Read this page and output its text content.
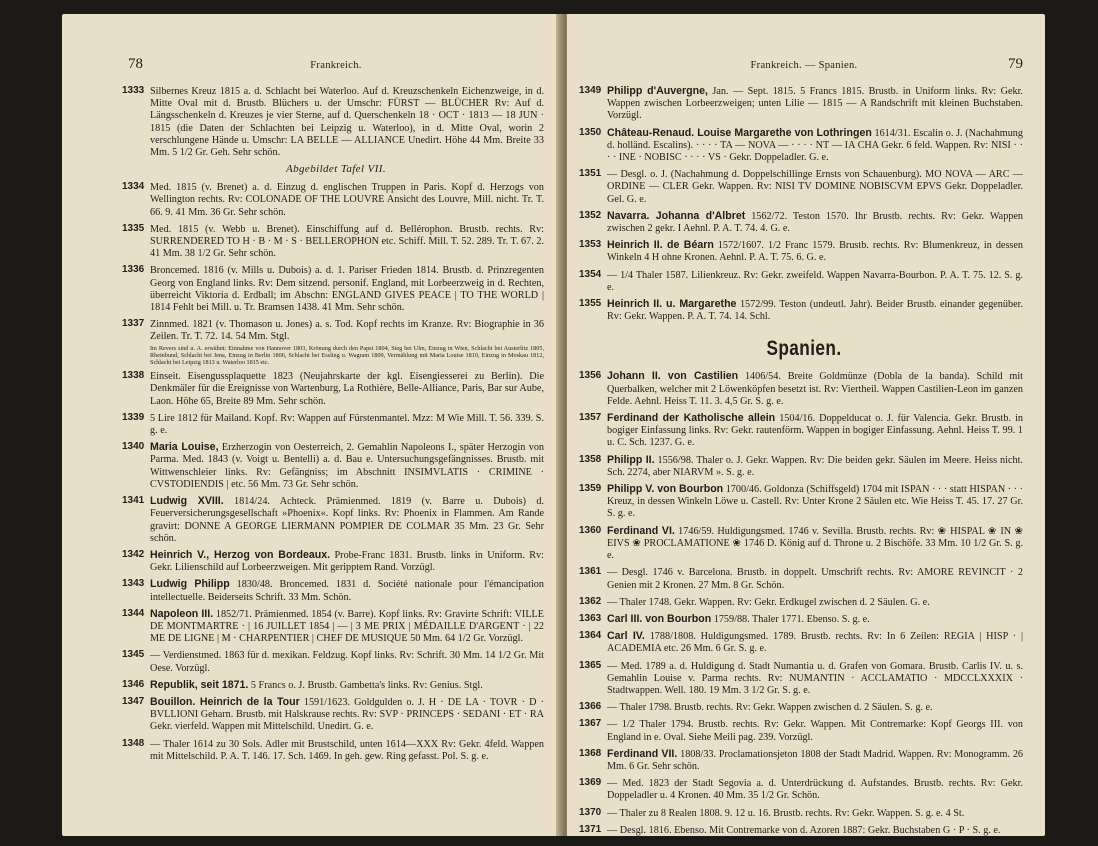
78	Frankreich.
1333 Silbernes Kreuz 1815 a. d. Schlacht bei Waterloo. Auf d. Kreuzschenkeln Eichenzweige, in d. Mitte Oval mit d. Brustb. Blüchers u. der Umschr: FÜRST — BLÜCHER Rv: Auf d. Längsschenkeln d. Kreuzes je vier Sterne, auf d. Querschenkeln 18 · OCT · 1813 — 18 JUN · 1815 (die Daten der Schlachten bei Leipzig u. Waterloo), in d. Mitte Oval, worin 2 verschlungene Hände u. Umschr: LA BELLE — ALLIANCE Unedirt. Höhe 44 Mm. Breite 33 Mm. 5 1/2 Gr. Geh. Sehr schön.
Abgebildet Tafel VII.
1334 Med. 1815 (v. Brenet) a. d. Einzug d. englischen Truppen in Paris. Kopf d. Herzogs von Wellington rechts. Rv: COLONADE OF THE LOUVRE Ansicht des Louvre, Mill. nicht. Tr. T. 66. 9. 41 Mm. 36 Gr. Sehr schön.
1335 Med. 1815 (v. Webb u. Brenet). Einschiffung auf d. Bellérophon. Brustb. rechts. Rv: SURRENDERED TO H · B · M · S · BELLEROPHON etc. Schiff. Mill. T. 52. 289. Tr. T. 67. 2. 41 Mm. 38 1/2 Gr. Sehr schön.
1336 Broncemed. 1816 (v. Mills u. Dubois) a. d. 1. Pariser Frieden 1814. Brustb. d. Prinzregenten Georg von England links. Rv: Dem sitzend. personif. England, mit Lorbeerzweig in d. Rechten, überreicht Viktoria d. Erdball; im Abschn: ENGLAND GIVES PEACE | TO THE WORLD | 1814 Fehlt bei Mill. u. Tr. Bramsen 1438. 41 Mm. Sehr schön.
1337 Zinnmed. 1821 (v. Thomason u. Jones) a. s. Tod. Kopf rechts im Kranze. Rv: Biographie in 36 Zeilen. Tr. T. 72. 14. 54 Mm. Stgl.
Im Revers sind u. A. erwähnt: Einnahme von Hannover 1803, Krönung durch den Papst 1804, Sieg bei Ulm, Einzug in Wien, Schlacht bei Austerlitz 1805, Rheinbund, Schlacht bei Jena, Einzug in Berlin 1806, Schlacht bei Essling u. Wagram 1809, Vermählung mit Maria Louise 1810, Einzug in Moskau 1812, Schlacht bei Leipzig 1813 u. Waterloo 1815 etc.
1338 Einseit. Eisengussplaquette 1823 (Neujahrskarte der kgl. Eisengiesserei zu Berlin). Die Denkmäler für die Ereignisse von Wartenburg, La Rothière, Belle-Alliance, Paris, Bar sur Aube, Laon. Höhe 65, Breite 89 Mm. Sehr schön.
1339 5 Lire 1812 für Mailand. Kopf. Rv: Wappen auf Fürstenmantel. Mzz: M Wie Mill. T. 56. 339. S. g. e.
1340 Maria Louise, Erzherzogin von Oesterreich, 2. Gemahlin Napoleons I., später Herzogin von Parma. Med. 1843 (v. Voigt u. Bentelli) a. d. Bau e. Untersuchungsgefängnisses. Brustb. mit Wittwenschleier links. Rv: Gefängniss; im Abschnitt INSIMVLATIS · CRIMINE · CVSTODIENDIS | etc. 56 Mm. 73 Gr. Sehr schön.
1341 Ludwig XVIII. 1814/24. Achteck. Prämienmed. 1819 (v. Barre u. Dubois) d. Feuerversicherungsgesellschaft »Phoenix«. Kopf links. Rv: Phoenix in Flammen. Am Rande gravirt: DONNE A GEORGE LIERMANN POMPIER DE COLMAR 35 Mm. 23 Gr. Sehr schön.
1342 Heinrich V., Herzog von Bordeaux. Probe-Franc 1831. Brustb. links in Uniform. Rv: Gekr. Lilienschild auf Lorbeerzweigen. Mit geripptem Rand. Vorzügl.
1343 Ludwig Philipp 1830/48. Broncemed. 1831 d. Société nationale pour l'émancipation intellectuelle. Beiderseits Schrift. 33 Mm. Schön.
1344 Napoleon III. 1852/71. Prämienmed. 1854 (v. Barre). Kopf links. Rv: Gravirte Schrift: VILLE DE MONTMARTRE · | 16 JUILLET 1854 | — | 3 ME PRIX | MÉDAILLE D'ARGENT · | 22 ME DE LIGNE | M · CHARPENTIER | CHEF DE MUSIQUE 50 Mm. 64 1/2 Gr. Vorzügl.
1345 — Verdienstmed. 1863 für d. mexikan. Feldzug. Kopf links. Rv: Schrift. 30 Mm. 14 1/2 Gr. Mit Oese. Vorzügl.
1346 Republik, seit 1871. 5 Francs o. J. Brustb. Gambetta's links. Rv: Genius. Stgl.
1347 Bouillon. Heinrich de la Tour 1591/1623. Goldgulden o. J. H · DE LA · TOVR · D · BVLLIONI Geharn. Brustb. mit Halskrause rechts. Rv: SVP · PRINCEPS · SEDANI · ET · RA Gekr. vierfeld. Wappen mit Mittelschild. Unedirt. G. e.
1348 — Thaler 1614 zu 30 Sols. Adler mit Brustschild, unten 1614—XXX Rv: Gekr. 4feld. Wappen mit Mittelschild. P. A. T. 146. 17. Sch. 1469. In geh. gew. Ring gefasst. Pol. S. g. e.
Frankreich. — Spanien.	79
1349 Philipp d'Auvergne, Jan. — Sept. 1815. 5 Francs 1815. Brustb. in Uniform links. Rv: Gekr. Wappen zwischen Lorbeerzweigen; unten Lilie — 1815 — A Randschrift mit kleinen Buchstaben. Vorzügl.
1350 Château-Renaud. Louise Margarethe von Lothringen 1614/31. Escalin o. J. (Nachahmung d. holländ. Escalins). · · · · TA — NOVA — · · · · NT — IA CHA Gekr. 6 feld. Wappen. Rv: NISI · · · · INE · NOBISC · · · · VS · Gekr. Doppeladler. G. e.
1351 — Desgl. o. J. (Nachahmung d. Doppelschillinge Ernsts von Schauenburg). MO NOVA — ARC — ORDINE — CLER Gekr. Wappen. Rv: NISI TV DOMINE NOBISCVM EPVS Gekr. Doppeladler. Gel. G. e.
1352 Navarra. Johanna d'Albret 1562/72. Teston 1570. Ihr Brustb. rechts. Rv: Gekr. Wappen zwischen 2 gekr. I Aehnl. P. A. T. 74. 4. G. e.
1353 Heinrich II. de Béarn 1572/1607. 1/2 Franc 1579. Brustb. rechts. Rv: Blumenkreuz, in dessen Winkeln 4 H ohne Kronen. Aehnl. P. A. T. 75. 6. G. e.
1354 — 1/4 Thaler 1587. Lilienkreuz. Rv: Gekr. zweifeld. Wappen Navarra-Bourbon. P. A. T. 75. 12. S. g. e.
1355 Heinrich II. u. Margarethe 1572/99. Teston (undeutl. Jahr). Beider Brustb. einander gegenüber. Rv: Gekr. Wappen. P. A. T. 74. 14. Schl.
Spanien.
1356 Johann II. von Castilien 1406/54. Breite Goldmünze (Dobla de la banda). Schild mit Querbalken, welcher mit 2 Löwenköpfen besetzt ist. Rv: Viertheil. Wappen Castilien-Leon im ganzen Felde. Aehnl. Heiss T. 11. 3. 4,5 Gr. S. g. e.
1357 Ferdinand der Katholische allein 1504/16. Doppelducat o. J. für Valencia. Gekr. Brustb. in bogiger Einfassung links. Rv: Gekr. rautenförm. Wappen in bogiger Einfassung. Aehnl. Heiss T. 99. 1 u. C. Sch. 1237. G. e.
1358 Philipp II. 1556/98. Thaler o. J. Gekr. Wappen. Rv: Die beiden gekr. Säulen im Meere. Heiss nicht. Sch. 2274, aber NIARVM ». S. g. e.
1359 Philipp V. von Bourbon 1700/46. Goldonza (Schiffsgeld) 1704 mit ISPAN · · · statt HISPAN · · · Kreuz, in dessen Winkeln Löwe u. Castell. Rv: Unter Krone 2 Säulen etc. Wie Heiss T. 45. 17. 27 Gr. S. g. e.
1360 Ferdinand VI. 1746/59. Huldigungsmed. 1746 v. Sevilla. Brustb. rechts. Rv: ❀ HISPAL ❀ IN ❀ EIVS ❀ PROCLAMATIONE ❀ 1746 D. König auf d. Throne u. 2 Bischöfe. 33 Mm. 10 1/2 Gr. S. g. e.
1361 — Desgl. 1746 v. Barcelona. Brustb. in doppelt. Umschrift rechts. Rv: AMORE REVINCIT · 2 Genien mit 2 Kronen. 27 Mm. 8 Gr. Schön.
1362 — Thaler 1748. Gekr. Wappen. Rv: Gekr. Erdkugel zwischen d. 2 Säulen. G. e.
1363 Carl III. von Bourbon 1759/88. Thaler 1771. Ebenso. S. g. e.
1364 Carl IV. 1788/1808. Huldigungsmed. 1789. Brustb. rechts. Rv: In 6 Zeilen: REGIA | HISP · | ACADEMIA etc. 26 Mm. 6 Gr. S. g. e.
1365 — Med. 1789 a. d. Huldigung d. Stadt Numantia u. d. Grafen von Gomara. Brustb. Carlis IV. u. s. Gemahlin Louise v. Parma rechts. Rv: NUMANTIN · ACCLAMATIO · MDCCLXXXIX · Stadtwappen. Well. 180. 19 Mm. 3 1/2 Gr. S. g. e.
1366 — Thaler 1798. Brustb. rechts. Rv: Gekr. Wappen zwischen d. 2 Säulen. S. g. e.
1367 — 1/2 Thaler 1794. Brustb. rechts. Rv: Gekr. Wappen. Mit Contremarke: Kopf Georgs III. von England in e. Oval. Siehe Meili pag. 239. Vorzügl.
1368 Ferdinand VII. 1808/33. Proclamationsjeton 1808 der Stadt Madrid. Wappen. Rv: Monogramm. 26 Mm. 6 Gr. Sehr schön.
1369 — Med. 1823 der Stadt Segovia a. d. Unterdrückung d. Aufstandes. Brustb. rechts. Rv: Gekr. Doppeladler u. 4 Kronen. 40 Mm. 35 1/2 Gr. Schön.
1370 — Thaler zu 8 Realen 1808. 9. 12 u. 16. Brustb. rechts. Rv: Gekr. Wappen. S. g. e. 4 St.
1371 — Desgl. 1816. Ebenso. Mit Contremarke von d. Azoren 1887: Gekr. Buchstaben G · P · S. g. e.
